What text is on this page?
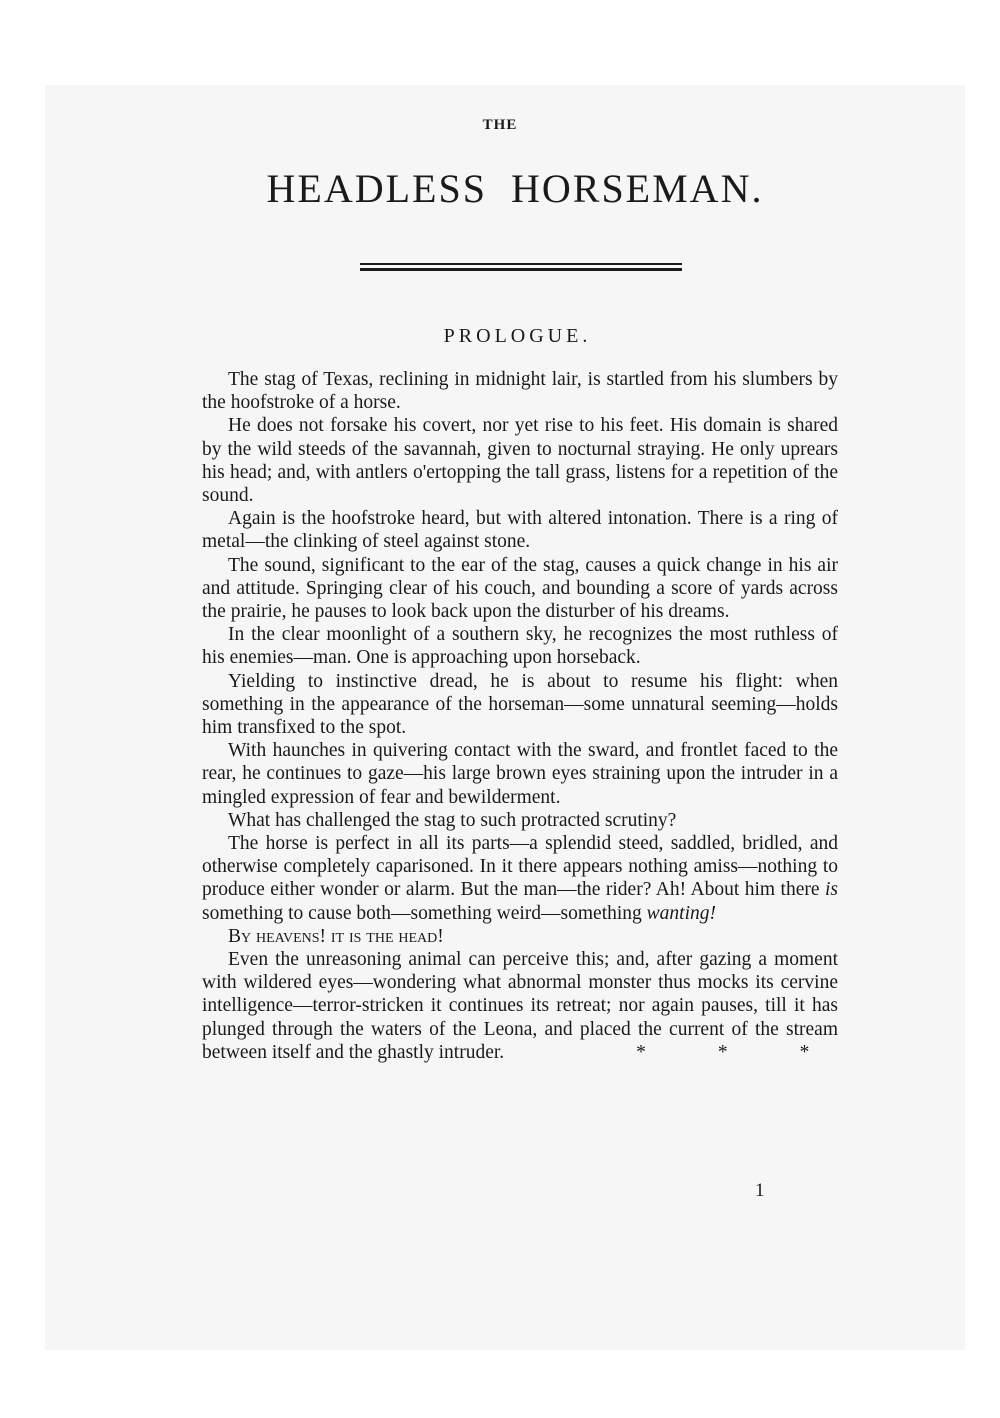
THE
HEADLESS HORSEMAN.
PROLOGUE.

The stag of Texas, reclining in midnight lair, is startled from his slumbers by the hoofstroke of a horse.

He does not forsake his covert, nor yet rise to his feet. His domain is shared by the wild steeds of the savannah, given to nocturnal straying. He only uprears his head; and, with antlers o'ertopping the tall grass, listens for a repetition of the sound.

Again is the hoofstroke heard, but with altered intonation. There is a ring of metal—the clinking of steel against stone.

The sound, significant to the ear of the stag, causes a quick change in his air and attitude. Springing clear of his couch, and bounding a score of yards across the prairie, he pauses to look back upon the disturber of his dreams.

In the clear moonlight of a southern sky, he recognizes the most ruthless of his enemies—man. One is approaching upon horseback.

Yielding to instinctive dread, he is about to resume his flight: when something in the appearance of the horseman—some unnatural seeming—holds him transfixed to the spot.

With haunches in quivering contact with the sward, and frontlet faced to the rear, he continues to gaze—his large brown eyes straining upon the intruder in a mingled expression of fear and bewilderment.

What has challenged the stag to such protracted scrutiny?

The horse is perfect in all its parts—a splendid steed, saddled, bridled, and otherwise completely caparisoned. In it there appears nothing amiss—nothing to produce either wonder or alarm. But the man—the rider? Ah! About him there is something to cause both—something weird—something wanting!

By heavens! it is the head!

Even the unreasoning animal can perceive this; and, after gazing a moment with wildered eyes—wondering what abnormal monster thus mocks its cervine intelligence—terror-stricken it continues its retreat; nor again pauses, till it has plunged through the waters of the Leona, and placed the current of the stream between itself and the ghastly intruder.	*	*	*

1
